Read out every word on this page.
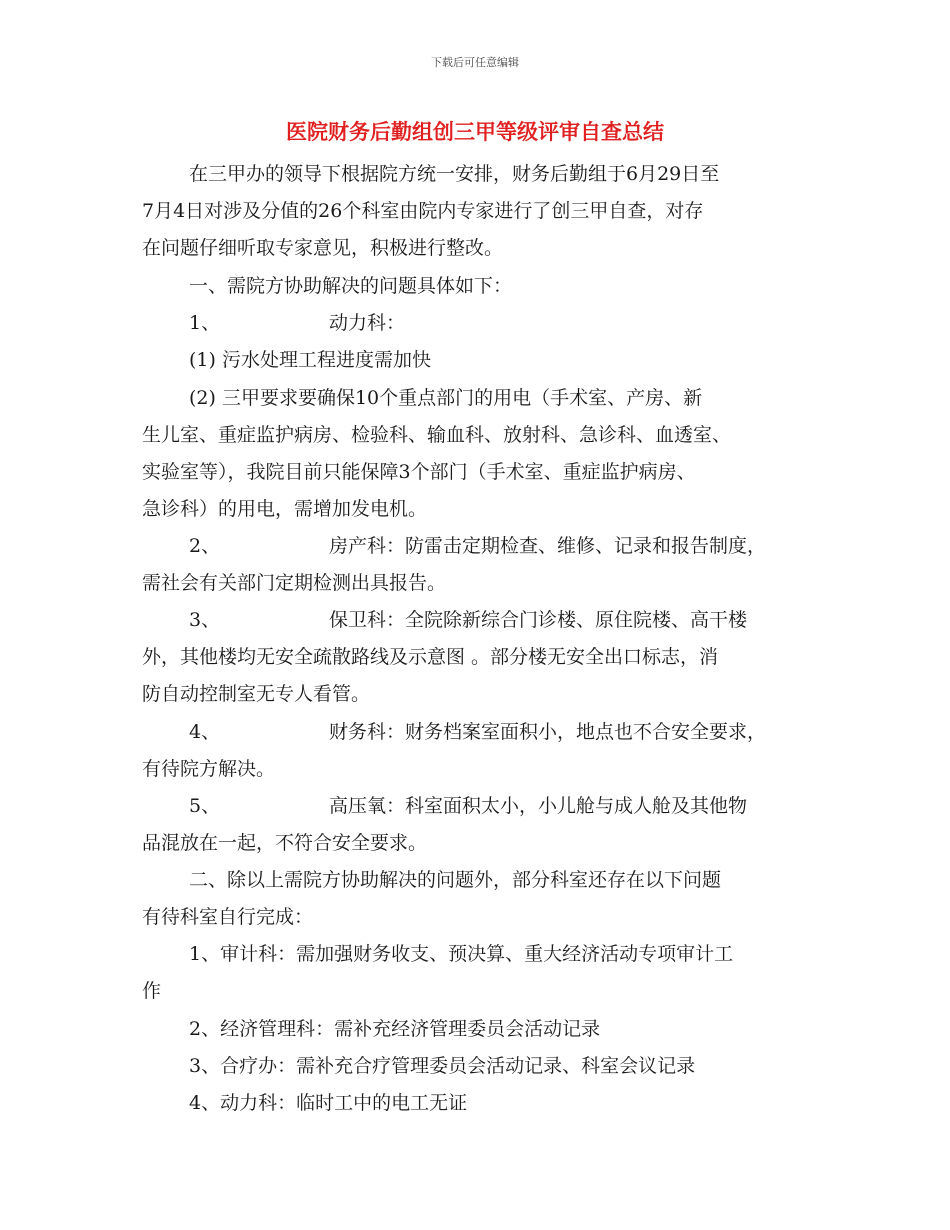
下载后可任意编辑
医院财务后勤组创三甲等级评审自查总结
在三甲办的领导下根据院方统一安排，财务后勤组于6月29日至
7月4日对涉及分值的26个科室由院内专家进行了创三甲自查，对存
在问题仔细听取专家意见，积极进行整改。
一、需院方协助解决的问题具体如下：
1、	动力科：
(1) 污水处理工程进度需加快
(2) 三甲要求要确保10个重点部门的用电（手术室、产房、新
生儿室、重症监护病房、检验科、输血科、放射科、急诊科、血透室、
实验室等），我院目前只能保障3个部门（手术室、重症监护病房、
急诊科）的用电，需增加发电机。
2、	房产科：防雷击定期检查、维修、记录和报告制度，
需社会有关部门定期检测出具报告。
3、	保卫科：全院除新综合门诊楼、原住院楼、高干楼
外，其他楼均无安全疏散路线及示意图 。部分楼无安全出口标志，消
防自动控制室无专人看管。
4、	财务科：财务档案室面积小，地点也不合安全要求，
有待院方解决。
5、	高压氧：科室面积太小，小儿舱与成人舱及其他物
品混放在一起，不符合安全要求。
二、除以上需院方协助解决的问题外，部分科室还存在以下问题
有待科室自行完成：
1、审计科：需加强财务收支、预决算、重大经济活动专项审计工
作
2、经济管理科：需补充经济管理委员会活动记录
3、合疗办：需补充合疗管理委员会活动记录、科室会议记录
4、动力科：临时工中的电工无证
